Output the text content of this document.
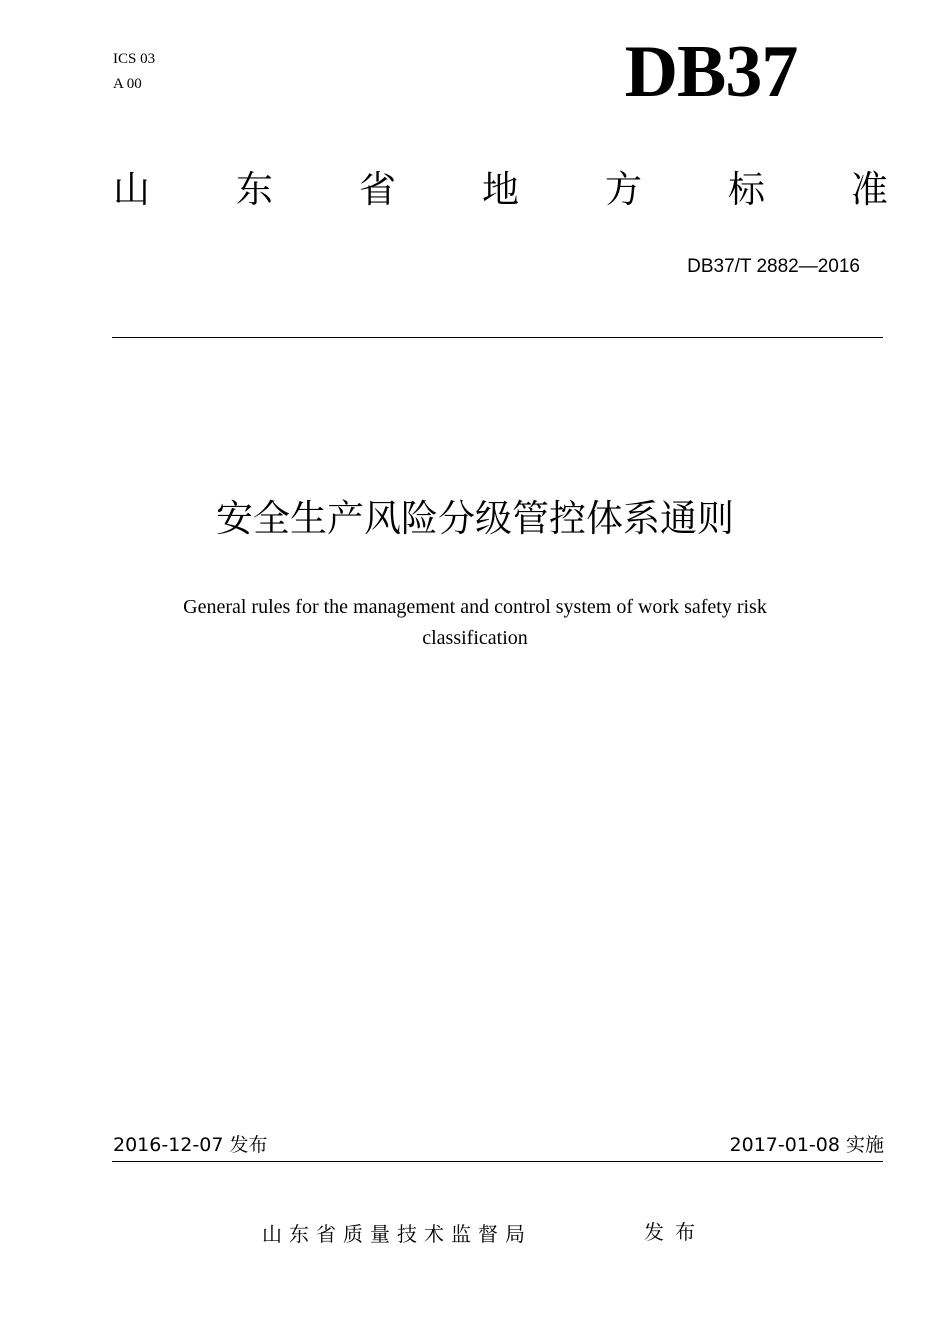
ICS 03
A 00	DB37
山 东 省 地 方 标 准
DB37/T 2882—2016
安全生产风险分级管控体系通则
General rules for the management and control system of work safety risk
classification
2016-12-07 发布	2017-01-08 实施
山东省质量技术监督局	发布
